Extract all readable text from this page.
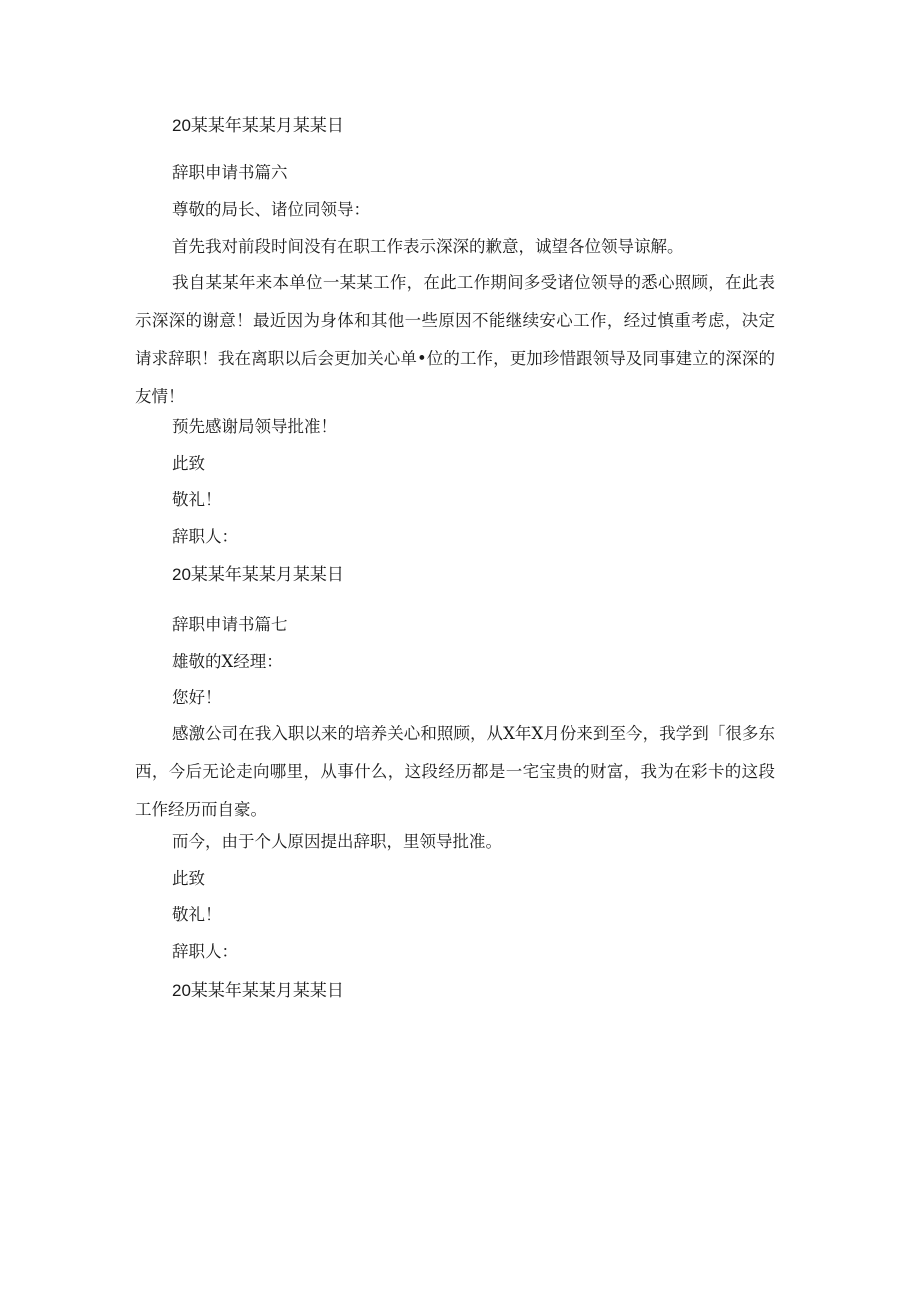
20某某年某某月某某日
辞职申请书篇六
尊敬的局长、诸位同领导：
首先我对前段时间没有在职工作表示深深的歉意，诚望各位领导谅解。
我自某某年来本单位一某某工作，在此工作期间多受诸位领导的悉心照顾，在此表示深深的谢意！最近因为身体和其他一些原因不能继续安心工作，经过慎重考虑，决定请求辞职！我在离职以后会更加关心单•位的工作，更加珍惜跟领导及同事建立的深深的友情！
预先感谢局领导批准！
此致
敬礼！
辞职人：
20某某年某某月某某日
辞职申请书篇七
雄敬的X经理：
您好！
感激公司在我入职以来的培养关心和照顾，从X年X月份来到至今，我学到「很多东西，今后无论走向哪里，从事什么，这段经历都是一宅宝贵的财富，我为在彩卡的这段工作经历而自豪。
而今，由于个人原因提出辞职，里领导批准。
此致
敬礼！
辞职人：
20某某年某某月某某日
